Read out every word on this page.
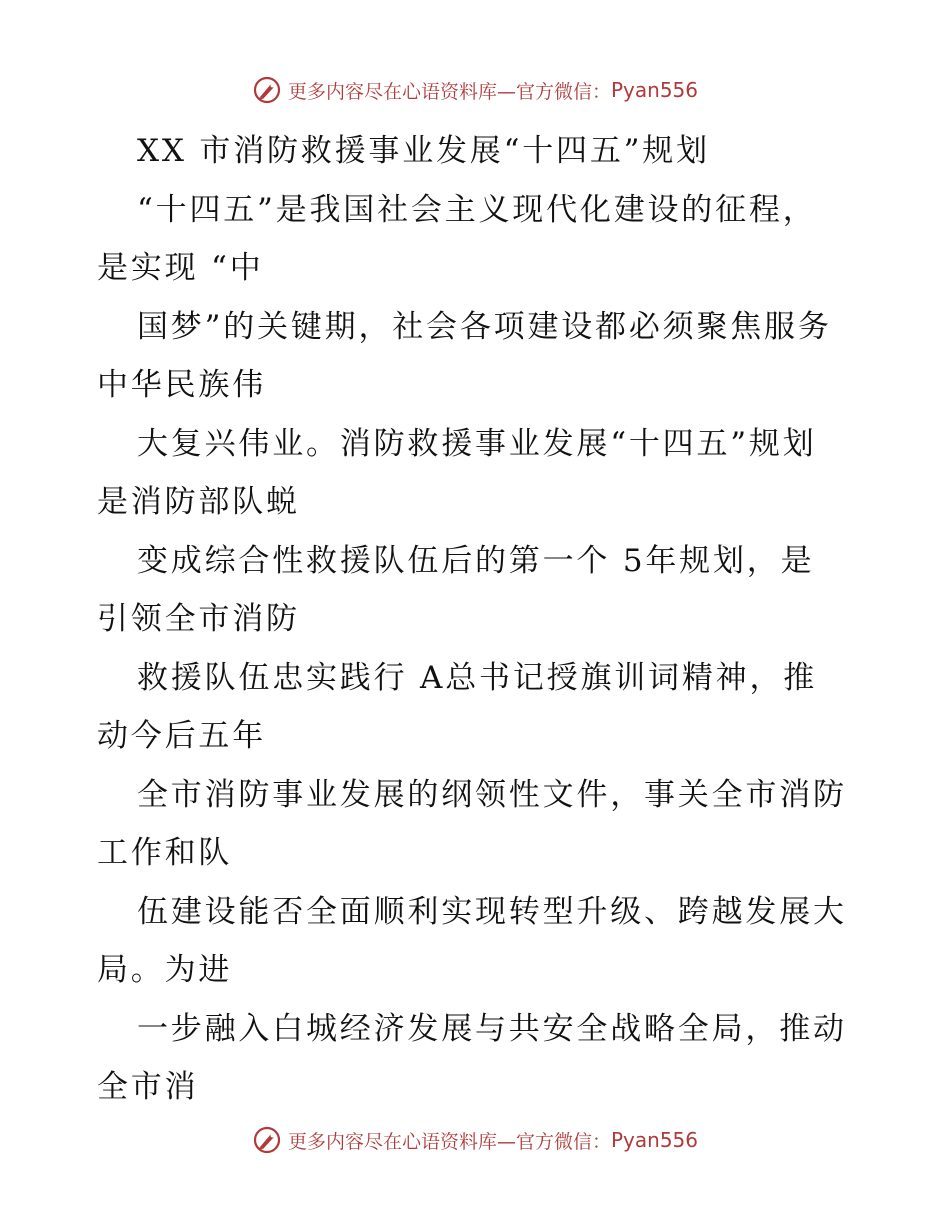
更多内容尽在心语资料库—官方微信： Pyan556
XX 市消防救援事业发展“十四五”规划
“十四五”是我国社会主义现代化建设的征程，
是实现 “中
国梦”的关键期，社会各项建设都必须聚焦服务
中华民族伟
大复兴伟业。消防救援事业发展“十四五”规划
是消防部队蜕
变成综合性救援队伍后的第一个 5年规划，是
引领全市消防
救援队伍忠实践行 A总书记授旗训词精神，推
动今后五年
全市消防事业发展的纲领性文件，事关全市消防
工作和队
伍建设能否全面顺利实现转型升级、跨越发展大
局。为进
一步融入白城经济发展与共安全战略全局，推动
全市消
更多内容尽在心语资料库—官方微信： Pyan556
